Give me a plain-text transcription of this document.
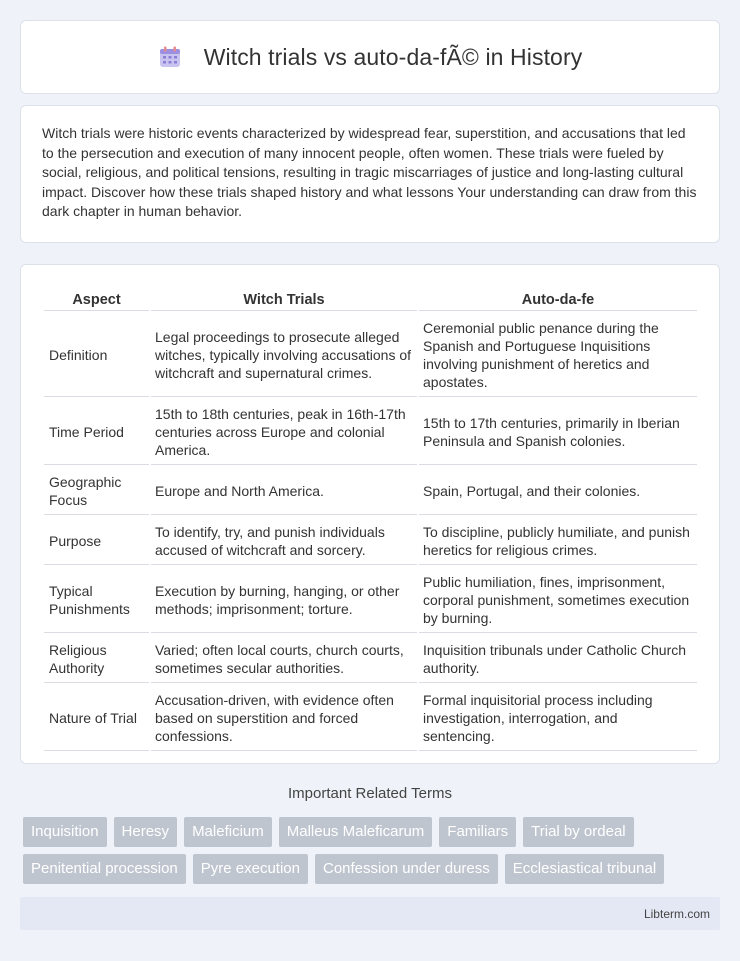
Witch trials vs auto-da-fÃ© in History

Witch trials were historic events characterized by widespread fear, superstition, and accusations that led to the persecution and execution of many innocent people, often women. These trials were fueled by social, religious, and political tensions, resulting in tragic miscarriages of justice and long-lasting cultural impact. Discover how these trials shaped history and what lessons Your understanding can draw from this dark chapter in human behavior.

Aspect	Witch Trials	Auto-da-fe
Definition	Legal proceedings to prosecute alleged witches, typically involving accusations of witchcraft and supernatural crimes.	Ceremonial public penance during the Spanish and Portuguese Inquisitions involving punishment of heretics and apostates.
Time Period	15th to 18th centuries, peak in 16th-17th centuries across Europe and colonial America.	15th to 17th centuries, primarily in Iberian Peninsula and Spanish colonies.
Geographic Focus	Europe and North America.	Spain, Portugal, and their colonies.
Purpose	To identify, try, and punish individuals accused of witchcraft and sorcery.	To discipline, publicly humiliate, and punish heretics for religious crimes.
Typical Punishments	Execution by burning, hanging, or other methods; imprisonment; torture.	Public humiliation, fines, imprisonment, corporal punishment, sometimes execution by burning.
Religious Authority	Varied; often local courts, church courts, sometimes secular authorities.	Inquisition tribunals under Catholic Church authority.
Nature of Trial	Accusation-driven, with evidence often based on superstition and forced confessions.	Formal inquisitorial process including investigation, interrogation, and sentencing.
Important Related Terms
Inquisition	Heresy	Maleficium	Malleus Maleficarum	Familiars	Trial by ordeal
Penitential procession	Pyre execution	Confession under duress	Ecclesiastical tribunal
Libterm.com
